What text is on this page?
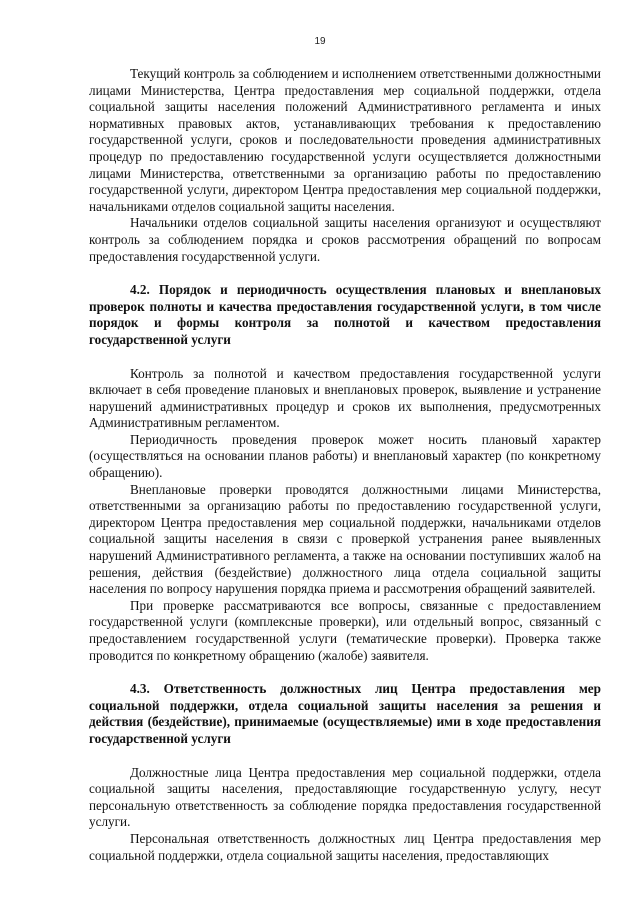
19

Текущий контроль за соблюдением и исполнением ответственными должностными лицами Министерства, Центра предоставления мер социальной поддержки, отдела социальной защиты населения положений Административного регламента и иных нормативных правовых актов, устанавливающих требования к предоставлению государственной услуги, сроков и последовательности проведения административных процедур по предоставлению государственной услуги осуществляется должностными лицами Министерства, ответственными за организацию работы по предоставлению государственной услуги, директором Центра предоставления мер социальной поддержки, начальниками отделов социальной защиты населения.

Начальники отделов социальной защиты населения организуют и осуществляют контроль за соблюдением порядка и сроков рассмотрения обращений по вопросам предоставления государственной услуги.

4.2. Порядок и периодичность осуществления плановых и внеплановых проверок полноты и качества предоставления государственной услуги, в том числе порядок и формы контроля за полнотой и качеством предоставления государственной услуги

Контроль за полнотой и качеством предоставления государственной услуги включает в себя проведение плановых и внеплановых проверок, выявление и устранение нарушений административных процедур и сроков их выполнения, предусмотренных Административным регламентом.

Периодичность проведения проверок может носить плановый характер (осуществляться на основании планов работы) и внеплановый характер (по конкретному обращению).

Внеплановые проверки проводятся должностными лицами Министерства, ответственными за организацию работы по предоставлению государственной услуги, директором Центра предоставления мер социальной поддержки, начальниками отделов социальной защиты населения в связи с проверкой устранения ранее выявленных нарушений Административного регламента, а также на основании поступивших жалоб на решения, действия (бездействие) должностного лица отдела социальной защиты населения по вопросу нарушения порядка приема и рассмотрения обращений заявителей.

При проверке рассматриваются все вопросы, связанные с предоставлением государственной услуги (комплексные проверки), или отдельный вопрос, связанный с предоставлением государственной услуги (тематические проверки). Проверка также проводится по конкретному обращению (жалобе) заявителя.

4.3. Ответственность должностных лиц Центра предоставления мер социальной поддержки, отдела социальной защиты населения за решения и действия (бездействие), принимаемые (осуществляемые) ими в ходе предоставления государственной услуги

Должностные лица Центра предоставления мер социальной поддержки, отдела социальной защиты населения, предоставляющие государственную услугу, несут персональную ответственность за соблюдение порядка предоставления государственной услуги.

Персональная ответственность должностных лиц Центра предоставления мер социальной поддержки, отдела социальной защиты населения, предоставляющих
